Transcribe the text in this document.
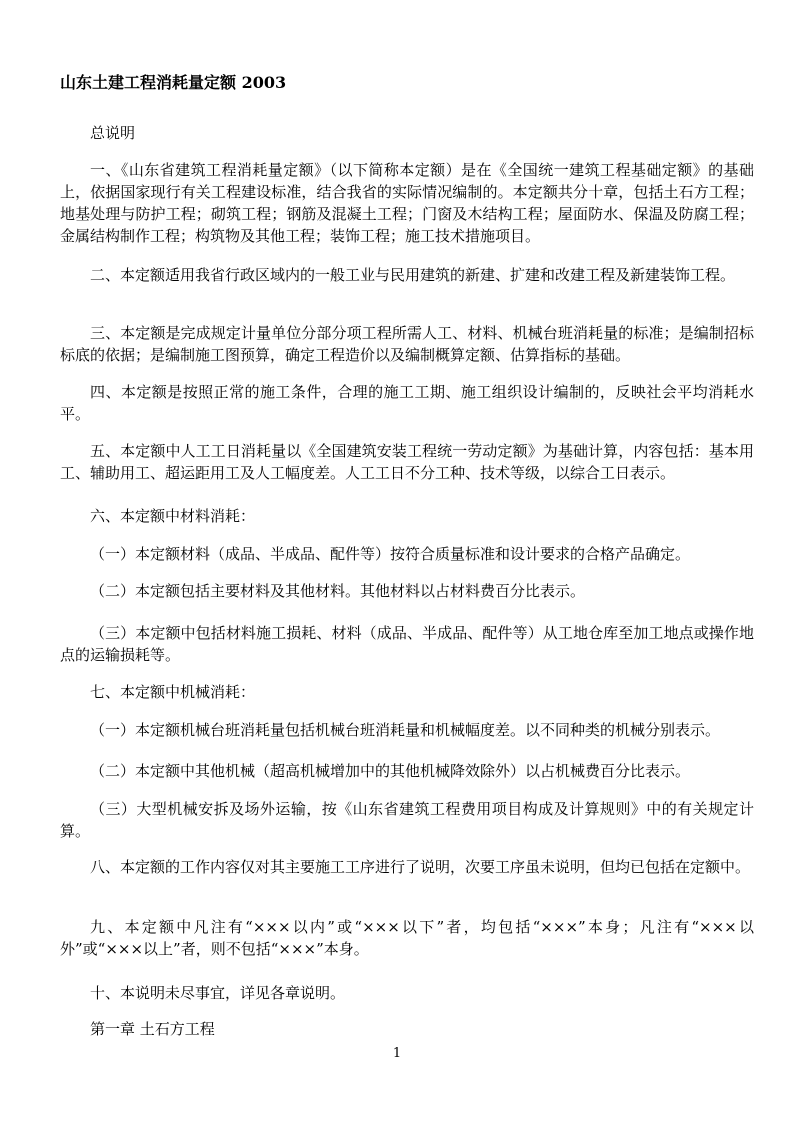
山东土建工程消耗量定额 2003
总说明
一、《山东省建筑工程消耗量定额》（以下简称本定额）是在《全国统一建筑工程基础定额》的基础上，依据国家现行有关工程建设标准，结合我省的实际情况编制的。本定额共分十章，包括土石方工程；地基处理与防护工程；砌筑工程；钢筋及混凝土工程；门窗及木结构工程；屋面防水、保温及防腐工程；金属结构制作工程；构筑物及其他工程；装饰工程；施工技术措施项目。
二、本定额适用我省行政区域内的一般工业与民用建筑的新建、扩建和改建工程及新建装饰工程。
三、本定额是完成规定计量单位分部分项工程所需人工、材料、机械台班消耗量的标准；是编制招标标底的依据；是编制施工图预算，确定工程造价以及编制概算定额、估算指标的基础。
四、本定额是按照正常的施工条件，合理的施工工期、施工组织设计编制的，反映社会平均消耗水平。
五、本定额中人工工日消耗量以《全国建筑安装工程统一劳动定额》为基础计算，内容包括：基本用工、辅助用工、超运距用工及人工幅度差。人工工日不分工种、技术等级，以综合工日表示。
六、本定额中材料消耗：
（一）本定额材料（成品、半成品、配件等）按符合质量标准和设计要求的合格产品确定。
（二）本定额包括主要材料及其他材料。其他材料以占材料费百分比表示。
（三）本定额中包括材料施工损耗、材料（成品、半成品、配件等）从工地仓库至加工地点或操作地点的运输损耗等。
七、本定额中机械消耗：
（一）本定额机械台班消耗量包括机械台班消耗量和机械幅度差。以不同种类的机械分别表示。
（二）本定额中其他机械（超高机械增加中的其他机械降效除外）以占机械费百分比表示。
（三）大型机械安拆及场外运输，按《山东省建筑工程费用项目构成及计算规则》中的有关规定计算。
八、本定额的工作内容仅对其主要施工工序进行了说明，次要工序虽未说明，但均已包括在定额中。
九、本定额中凡注有“×××以内”或“×××以下”者，均包括“×××”本身；凡注有“×××以外”或“×××以上”者，则不包括“×××”本身。
十、本说明未尽事宜，详见各章说明。
第一章 土石方工程
1
